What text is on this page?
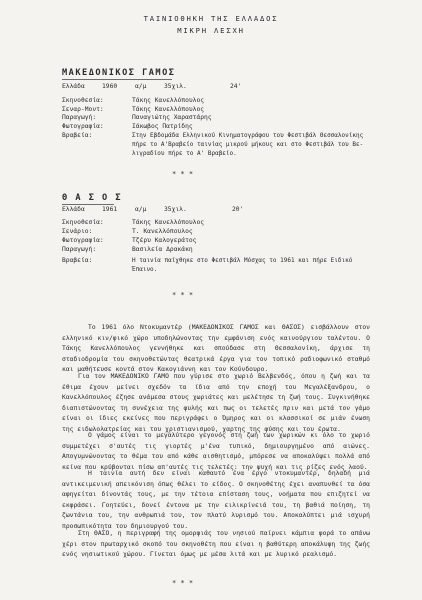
ΤΑΙΝΙΟΘΗΚΗ ΤΗΣ ΕΛΛΑΔΟΣ
ΜΙΚΡΗ ΛΕΣΧΗ
ΜΑΚΕΔΟΝΙΚΟΣ ΓΑΜΟΣ
Ελλάδα	1960	α/μ	35χιλ.	24'
Σκηνοθεσία:	Τάκης Κανελλόπουλος
Σεναρ-Μοντ:	Τάκης Κανελλόπουλος
Παραγωγή:	Παναγιώτης Χαραστάρης
Φωτογραφία:	Ιάκωβος Πατρίδης
Βραβεία:	Στην Εβδομάδα Ελληνικού Κινηματογράφου του Φεστιβάλ Θεσσαλονίκης
πήρε το Α'Βραβείο ταινίας μικρού μήκους και στο Φεστιβάλ του Βε-
λιγραδίου πήρε το Α' Βραβείο.
* * *
Θ Α Σ Ο Σ
Ελλάδα	1961	α/μ	35χιλ.	20'
Σκηνοθεσία:	Τάκης Κανελλόπουλος
Σενάριο:	Τ. Κανελλόπουλος
Φωτογραφία:	Τζέρυ Καλογεράτος
Παραγωγή:	Βασιλεία Δρακάκη
Βραβεία:	Η ταινία παίχθηκε στο Φεστιβάλ Μόσχας το 1961 και πήρε Ειδικό
Έπαινο.
* * *
Το 1961 όλο Ντοκυμαντέρ (ΜΑΚΕΔΟΝΙΚΟΣ ΓΑΜΟΣ και ΘΑΣΟΣ) εισβάλλουν στον ελληνικό κιν/φικό χώρο υποδηλώνοντας την εμφάνιση ενός καινούργιου ταλέντου. Ο Τάκης Κανελλόπουλος γεννήθηκε και σπούδασε στη Θεσσαλονίκη, άρχισε τη σταδιοδρομία του σκηνοθετώντας θεατρικά έργα για τον τοπικό ραδιοφωνικό σταθμό και μαθήτευσε κοντά στον Κακογιάννη και τον Κούνδουρο.
Για τον ΜΑΚΕΔΟΝΙΚΟ ΓΑΜΟ που γύρισε στο χωριό Βελβενδός, όπου η ζωή και τα έθιμα έχουν μείνει σχεδόν τα ίδια από την εποχή του Μεγαλέξανδρου, ο Κανελλόπουλος έζησε ανάμεσα στους χωριάτες και μελέτησε τη ζωή τους. Συγκινήθηκε διαπιστώνοντας τη συνέχεια της φυλής και πως οι τελετές πριν και μετά τον γάμο είναι οι ίδιες εκείνες που περιγράφει ο Όμηρος και οι κλασσικοί σε μιάν ένωση της ειδωλολατρείας και του χριστιανισμού, χαρτης της φύσης και του έρωτα.
Ο γάμος είναι το μεγαλύτερο γεγονός στη ζωή των χωρικών κι όλο το χωριό συμμετέχει σ'αυτές τις γιορτές μ'ένα τυπικό, δημιουργημένο από αιώνες. Απογυμνώνοντας το θέμα του από κάθε αισθητισμό, μπόρεσε να αποκαλύψει πολλά από κείνα που κρύβονται πίσω απ'αυτές τις τελετές: την ψυχή και τις ρίζες ενός λαού.
Η ταινία αυτή δεν είναι καθαυτό ένα έργο ντοκυμαντέρ, δηλαδή μιά αντικειμενική απεικόνιση όπως θέλει το είδος. Ο σκηνοθέτης έχει αναπυνθεί τα όσα αφηγείται δίνοντάς τους, με την τέτοια επίσταση τους, νοήματα που επιζητεί να εκφράσει. Γοητεύει, δονεί έντονα με την ειλικρίνειά του, τη βαθιά ποίηση, τη ζωντάνια του, την ανθρωπιά του, τον πλατύ λυρισμό του. Αποκαλύπτει μιά ισχυρή προσωπικότητα του δημιουργού του.
Στη ΘΑΣΟ, η περιγραφή της ομορφιάς του νησιού παίρνει κάμπια φορά το απάνω χέρι στον πρωταρχικό σκοπό του σκηνοθέτη που είναι η βαθύτερη αποκάλυψη της ζωής ενός νησιωτικού χώρου. Γίνεται όμως με μέσα λιτά και με λυρικό ρεαλισμό.
* * *
